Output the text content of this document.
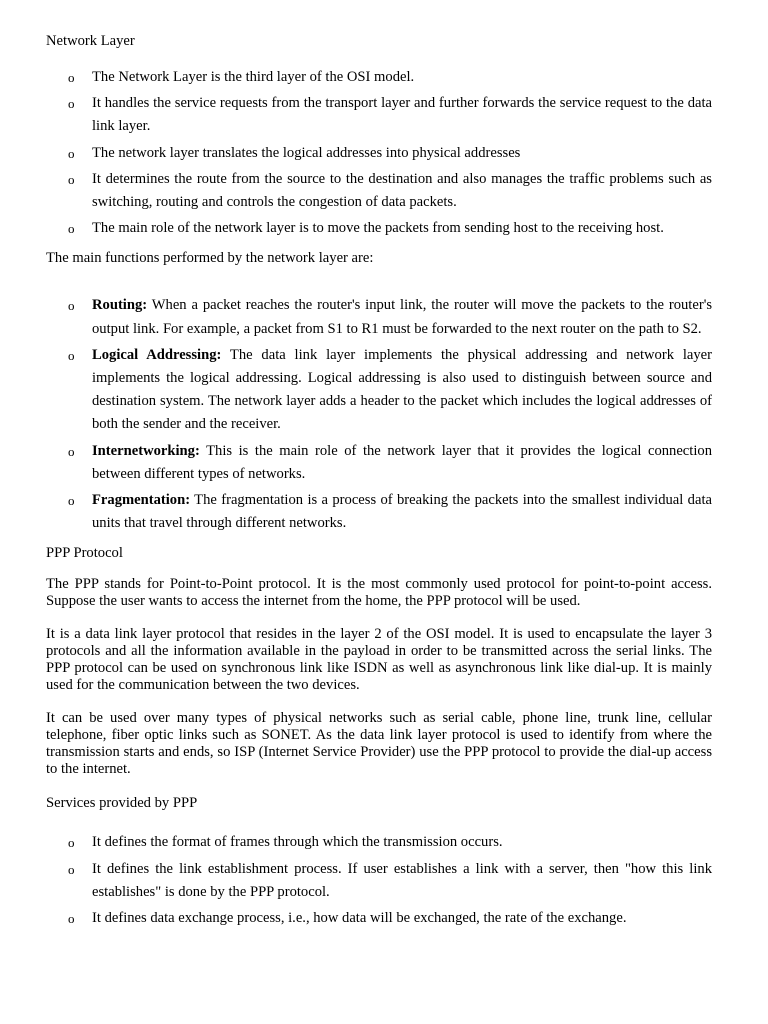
Network Layer

o The Network Layer is the third layer of the OSI model.
o It handles the service requests from the transport layer and further forwards the service request to the data link layer.
o The network layer translates the logical addresses into physical addresses
o It determines the route from the source to the destination and also manages the traffic problems such as switching, routing and controls the congestion of data packets.
o The main role of the network layer is to move the packets from sending host to the receiving host.

The main functions performed by the network layer are:

o Routing: When a packet reaches the router's input link, the router will move the packets to the router's output link. For example, a packet from S1 to R1 must be forwarded to the next router on the path to S2.
o Logical Addressing: The data link layer implements the physical addressing and network layer implements the logical addressing. Logical addressing is also used to distinguish between source and destination system. The network layer adds a header to the packet which includes the logical addresses of both the sender and the receiver.
o Internetworking: This is the main role of the network layer that it provides the logical connection between different types of networks.
o Fragmentation: The fragmentation is a process of breaking the packets into the smallest individual data units that travel through different networks.

PPP Protocol

The PPP stands for Point-to-Point protocol. It is the most commonly used protocol for point-to-point access. Suppose the user wants to access the internet from the home, the PPP protocol will be used.

It is a data link layer protocol that resides in the layer 2 of the OSI model. It is used to encapsulate the layer 3 protocols and all the information available in the payload in order to be transmitted across the serial links. The PPP protocol can be used on synchronous link like ISDN as well as asynchronous link like dial-up. It is mainly used for the communication between the two devices.

It can be used over many types of physical networks such as serial cable, phone line, trunk line, cellular telephone, fiber optic links such as SONET. As the data link layer protocol is used to identify from where the transmission starts and ends, so ISP (Internet Service Provider) use the PPP protocol to provide the dial-up access to the internet.

Services provided by PPP

o It defines the format of frames through which the transmission occurs.
o It defines the link establishment process. If user establishes a link with a server, then "how this link establishes" is done by the PPP protocol.
o It defines data exchange process, i.e., how data will be exchanged, the rate of the exchange.
